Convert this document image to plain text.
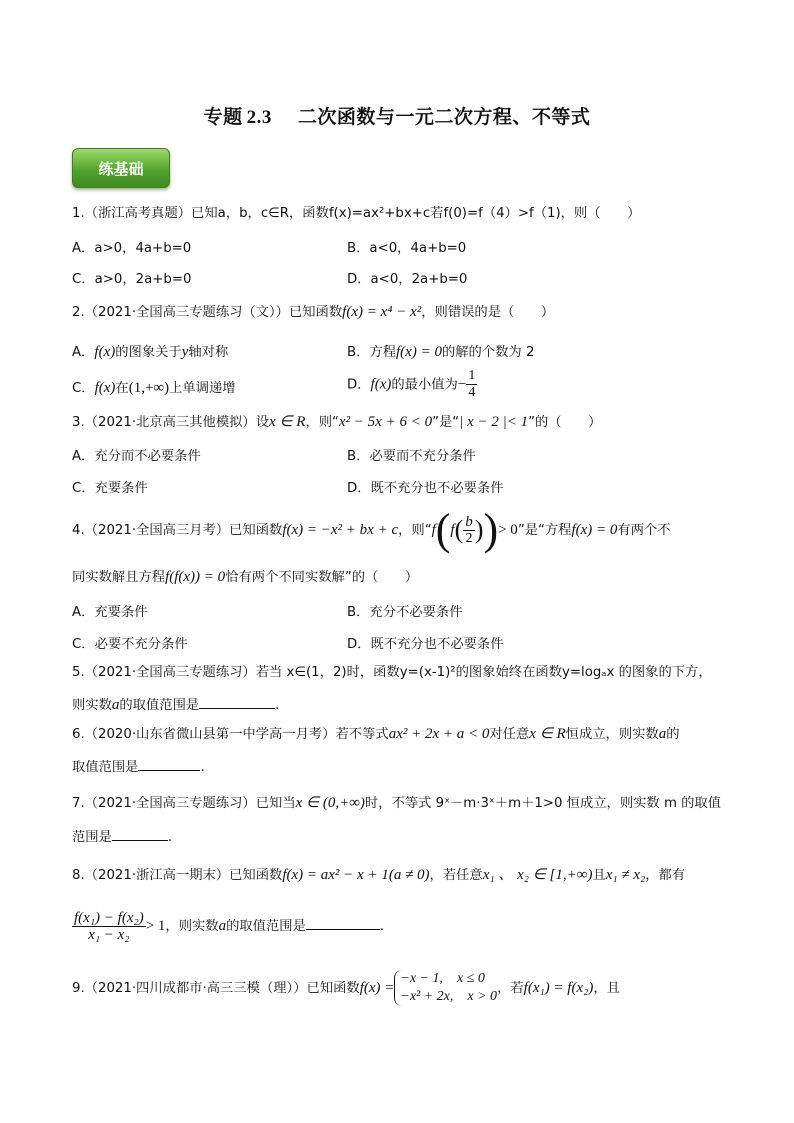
专题 2.3 二次函数与一元二次方程、不等式
练基础
1.（浙江高考真题）已知a，b，c∈R，函数f(x)=ax²+bx+c若f(0)=f（4）>f（1)，则（　　）
A．a>0，4a+b=0	B．a<0，4a+b=0
C．a>0，2a+b=0	D．a<0，2a+b=0
2.（2021·全国高三专题练习（文））已知函数f(x) = x⁴ − x²，则错误的是（　　）
A．f(x)的图象关于y轴对称	B．方程f(x) = 0的解的个数为 2
C．f(x)在(1,+∞)上单调递增	D．f(x)的最小值为− $\frac{1}{4}$
3.（2021·北京高三其他模拟）设x ∈ R，则“x² − 5x + 6 < 0”是“| x − 2 |< 1”的（　　）
A．充分而不必要条件	B．必要而不充分条件
C．充要条件	D．既不充分也不必要条件
4.（2021·全国高三月考）已知函数f(x) = −x² + bx + c，则“$f(f( \frac{b}{2}$ ))> 0”是“方程f(x) = 0有两个不
同实数解且方程f(f(x)) = 0恰有两个不同实数解”的（　　）
A．充要条件	B．充分不必要条件
C．必要不充分条件	D．既不充分也不必要条件
5.（2021·全国高三专题练习）若当 x∈(1，2)时，函数y=(x-1)²的图象始终在函数y=logₐx 的图象的下方，
则实数a的取值范围是	.
6.（2020·山东省微山县第一中学高一月考）若不等式ax² + 2x + a < 0对任意x ∈ R恒成立，则实数a的
取值范围是	.
7.（2021·全国高三专题练习）已知当x ∈ (0,+∞)时，不等式 9ˣ－m·3ˣ＋m＋1>0 恒成立，则实数 m 的取值
范围是	.
8.（2021·浙江高一期末）已知函数f(x) = ax² − x + 1(a ≠ 0)，若任意x₁ 、 x₂ ∈ [1,+∞)且x₁ ≠ x₂，都有
$\frac{\text{f(x₁) − f(x₂)}}{\text{x₁ − x₂}} > 1$，则实数a的取值范围是	.
9.（2021·四川成都市·高三三模（理））已知函数f(x) =
−x − 1,　x ≤ 0
−x² + 2x,　x > 0
，若f(x₁) = f(x₂)，且
